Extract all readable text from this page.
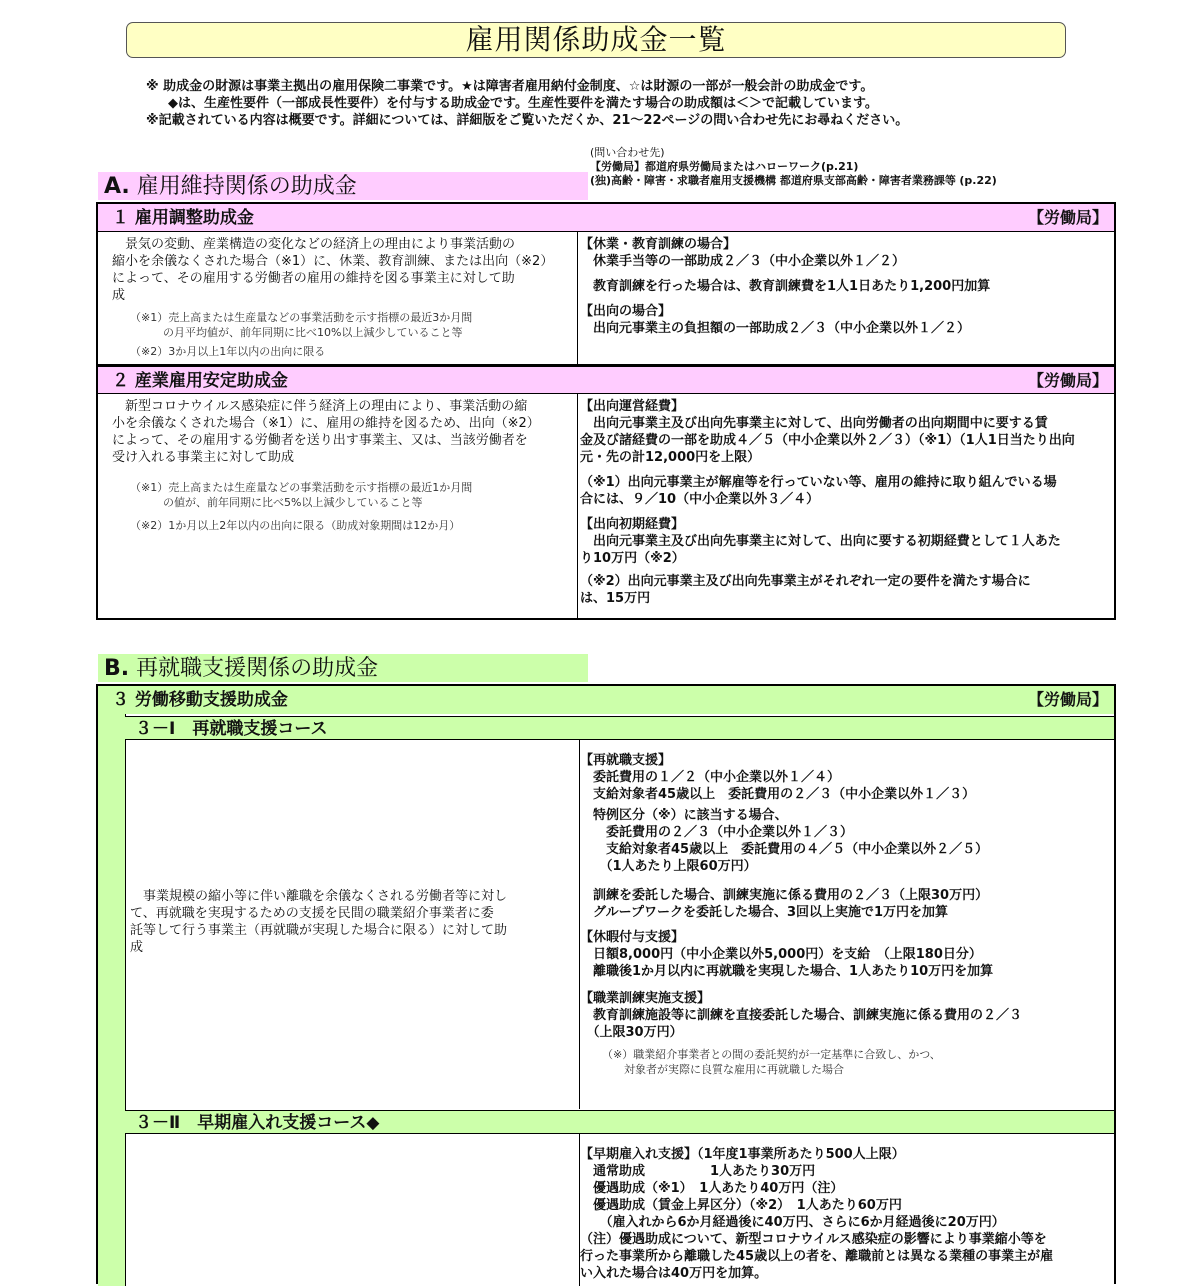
雇用関係助成金一覧
※ 助成金の財源は事業主拠出の雇用保険二事業です。★は障害者雇用納付金制度、☆は財源の一部が一般会計の助成金です。
◆は、生産性要件（一部成長性要件）を付与する助成金です。生産性要件を満たす場合の助成額は＜＞で記載しています。
※記載されている内容は概要です。詳細については、詳細版をご覧いただくか、21～22ページの問い合わせ先にお尋ねください。
(問い合わせ先)
【労働局】都道府県労働局またはハローワーク(p.21)
(独)高齢・障害・求職者雇用支援機構 都道府県支部高齢・障害者業務課等 (p.22)
A. 雇用維持関係の助成金
１ 雇用調整助成金	【労働局】
　景気の変動、産業構造の変化などの経済上の理由により事業活動の
縮小を余儀なくされた場合（※1）に、休業、教育訓練、または出向（※2）
によって、その雇用する労働者の雇用の維持を図る事業主に対して助
成
（※1）売上高または生産量などの事業活動を示す指標の最近3か月間
　　　の月平均値が、前年同期に比べ10%以上減少していること等
（※2）3か月以上1年以内の出向に限る
【休業・教育訓練の場合】
　休業手当等の一部助成２／３（中小企業以外１／２）
　教育訓練を行った場合は、教育訓練費を1人1日あたり1,200円加算
【出向の場合】
　出向元事業主の負担額の一部助成２／３（中小企業以外１／２）
２ 産業雇用安定助成金	【労働局】
　新型コロナウイルス感染症に伴う経済上の理由により、事業活動の縮
小を余儀なくされた場合（※1）に、雇用の維持を図るため、出向（※2）
によって、その雇用する労働者を送り出す事業主、又は、当該労働者を
受け入れる事業主に対して助成
（※1）売上高または生産量などの事業活動を示す指標の最近1か月間
　　　の値が、前年同期に比べ5%以上減少していること等
（※2）1か月以上2年以内の出向に限る（助成対象期間は12か月）
【出向運営経費】
　出向元事業主及び出向先事業主に対して、出向労働者の出向期間中に要する賃
金及び諸経費の一部を助成４／５（中小企業以外２／３）（※1）（1人1日当たり出向
元・先の計12,000円を上限）
（※1）出向元事業主が解雇等を行っていない等、雇用の維持に取り組んでいる場
合には、９／10（中小企業以外３／４）
【出向初期経費】
　出向元事業主及び出向先事業主に対して、出向に要する初期経費として１人あた
り10万円（※2）
（※2）出向元事業主及び出向先事業主がそれぞれ一定の要件を満たす場合に
は、15万円
B. 再就職支援関係の助成金
３ 労働移動支援助成金	【労働局】
３－Ⅰ　再就職支援コース
　事業規模の縮小等に伴い離職を余儀なくされる労働者等に対し
て、再就職を実現するための支援を民間の職業紹介事業者に委
託等して行う事業主（再就職が実現した場合に限る）に対して助
成
【再就職支援】
　委託費用の１／２（中小企業以外１／４）
　支給対象者45歳以上　委託費用の２／３（中小企業以外１／３）
　特例区分（※）に該当する場合、
　　委託費用の２／３（中小企業以外１／３）
　　支給対象者45歳以上　委託費用の４／５（中小企業以外２／５）
　　（1人あたり上限60万円）
　訓練を委託した場合、訓練実施に係る費用の２／３（上限30万円）
　グループワークを委託した場合、3回以上実施で1万円を加算
【休暇付与支援】
　日額8,000円（中小企業以外5,000円）を支給　（上限180日分）
　離職後1か月以内に再就職を実現した場合、1人あたり10万円を加算
【職業訓練実施支援】
　教育訓練施設等に訓練を直接委託した場合、訓練実施に係る費用の２／３
　（上限30万円）
（※）職業紹介事業者との間の委託契約が一定基準に合致し、かつ、
　　対象者が実際に良質な雇用に再就職した場合
３－Ⅱ　早期雇入れ支援コース◆
【早期雇入れ支援】（1年度1事業所あたり500人上限）
　通常助成　　　　　1人あたり30万円
　優遇助成（※1）　1人あたり40万円（注）
　優遇助成（賃金上昇区分）（※2）　1人あたり60万円
　　（雇入れから6か月経過後に40万円、さらに6か月経過後に20万円）
（注）優遇助成について、新型コロナウイルス感染症の影響により事業縮小等を
行った事業所から離職した45歳以上の者を、離職前とは異なる業種の事業主が雇
い入れた場合は40万円を加算。
